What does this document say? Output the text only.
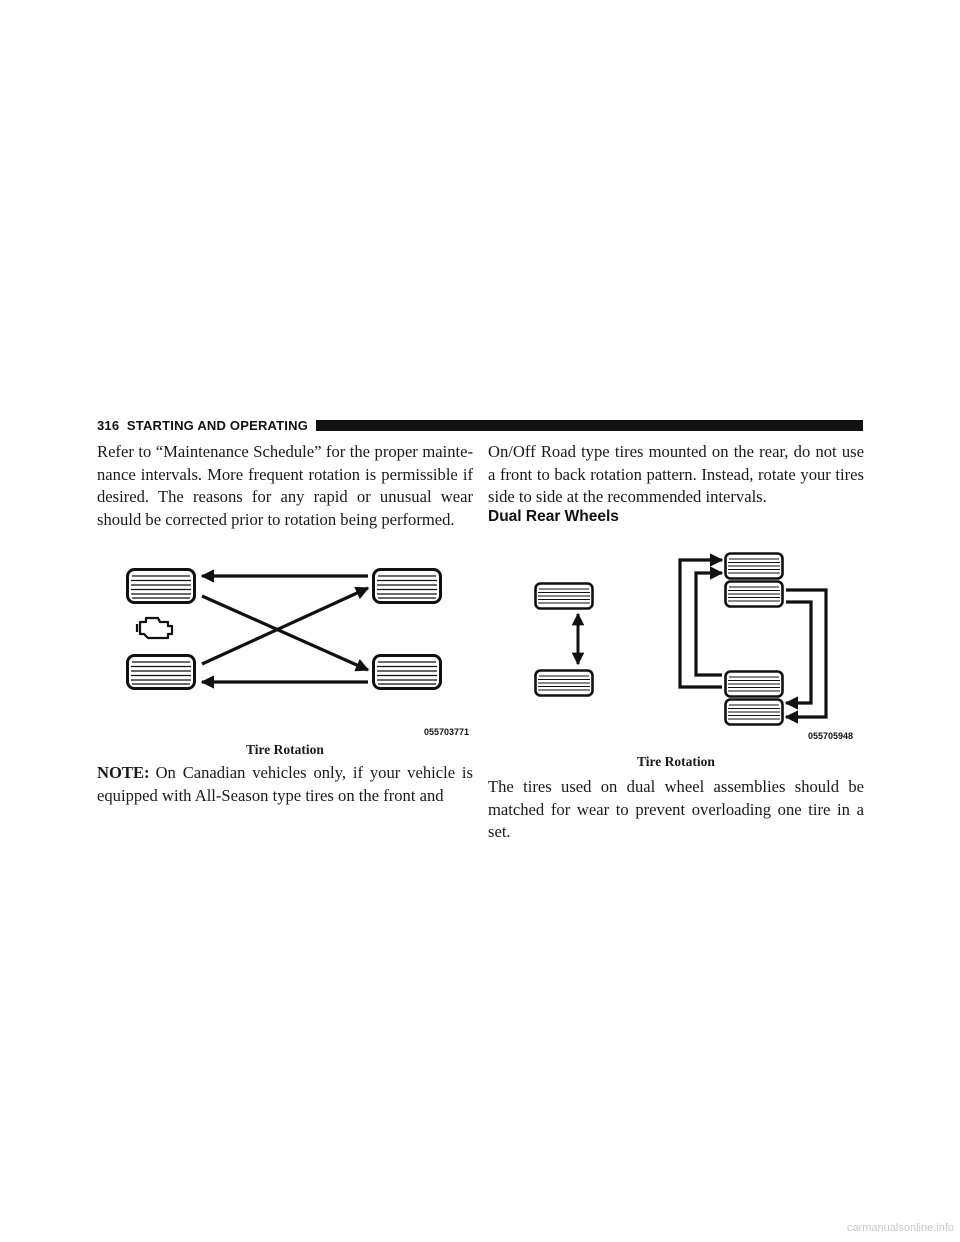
316 STARTING AND OPERATING

Refer to “Maintenance Schedule” for the proper mainte-nance intervals. More frequent rotation is permissible if desired. The reasons for any rapid or unusual wear should be corrected prior to rotation being performed.

055703771

Tire Rotation

NOTE: On Canadian vehicles only, if your vehicle is equipped with All-Season type tires on the front and

On/Off Road type tires mounted on the rear, do not use a front to back rotation pattern. Instead, rotate your tires side to side at the recommended intervals.

Dual Rear Wheels
055705948

Tire Rotation

The tires used on dual wheel assemblies should be matched for wear to prevent overloading one tire in a set.

carmanualsonline.info
